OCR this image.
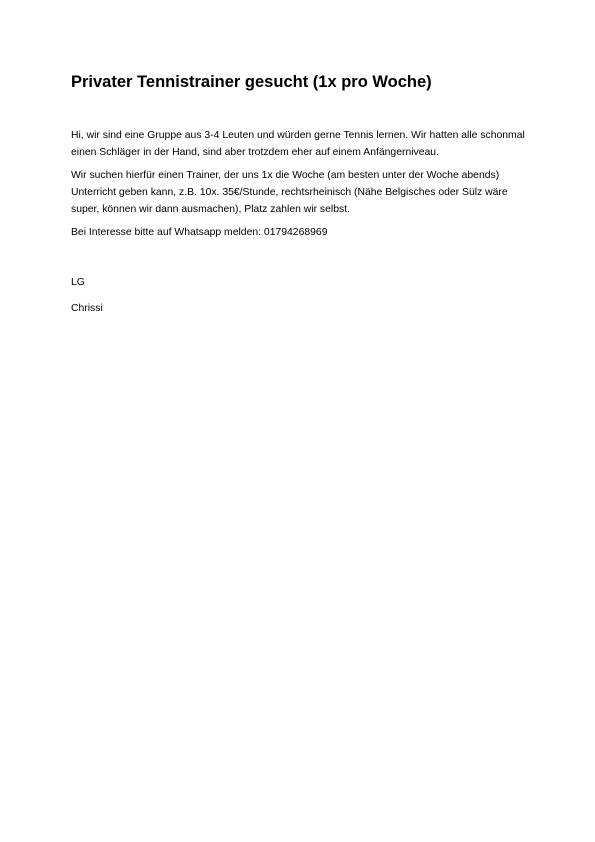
Privater Tennistrainer gesucht (1x pro Woche)

Hi, wir sind eine Gruppe aus 3-4 Leuten und würden gerne Tennis lernen. Wir hatten alle schonmal einen Schläger in der Hand, sind aber trotzdem eher auf einem Anfängerniveau.

Wir suchen hierfür einen Trainer, der uns 1x die Woche (am besten unter der Woche abends) Unterricht geben kann, z.B. 10x. 35€/Stunde, rechtsrheinisch (Nähe Belgisches oder Sülz wäre super, können wir dann ausmachen), Platz zahlen wir selbst.

Bei Interesse bitte auf Whatsapp melden: 01794268969

LG

Chrissi
